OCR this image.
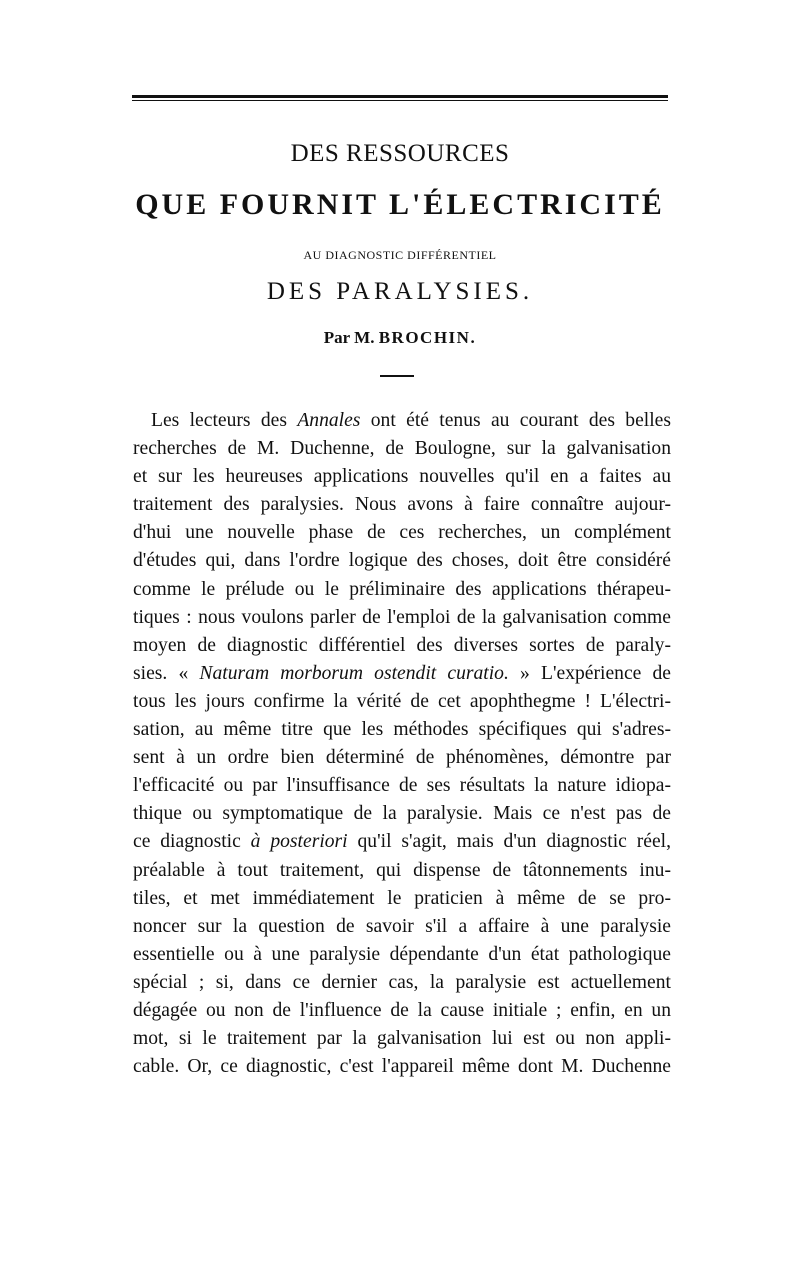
DES RESSOURCES
QUE FOURNIT L'ÉLECTRICITÉ
AU DIAGNOSTIC DIFFÉRENTIEL
DES PARALYSIES.
Par M. BROCHIN.
Les lecteurs des Annales ont été tenus au courant des belles
recherches de M. Duchenne, de Boulogne, sur la galvanisation
et sur les heureuses applications nouvelles qu'il en a faites au
traitement des paralysies. Nous avons à faire connaître aujour-
d'hui une nouvelle phase de ces recherches, un complément
d'études qui, dans l'ordre logique des choses, doit être considéré
comme le prélude ou le préliminaire des applications thérapeu-
tiques : nous voulons parler de l'emploi de la galvanisation comme
moyen de diagnostic différentiel des diverses sortes de paraly-
sies. « Naturam morborum ostendit curatio. » L'expérience de
tous les jours confirme la vérité de cet apophthegme ! L'électri-
sation, au même titre que les méthodes spécifiques qui s'adres-
sent à un ordre bien déterminé de phénomènes, démontre par
l'efficacité ou par l'insuffisance de ses résultats la nature idiopa-
thique ou symptomatique de la paralysie. Mais ce n'est pas de
ce diagnostic à posteriori qu'il s'agit, mais d'un diagnostic réel,
préalable à tout traitement, qui dispense de tâtonnements inu-
tiles, et met immédiatement le praticien à même de se pro-
noncer sur la question de savoir s'il a affaire à une paralysie
essentielle ou à une paralysie dépendante d'un état pathologique
spécial ; si, dans ce dernier cas, la paralysie est actuellement
dégagée ou non de l'influence de la cause initiale ; enfin, en un
mot, si le traitement par la galvanisation lui est ou non appli-
cable. Or, ce diagnostic, c'est l'appareil même dont M. Duchenne
